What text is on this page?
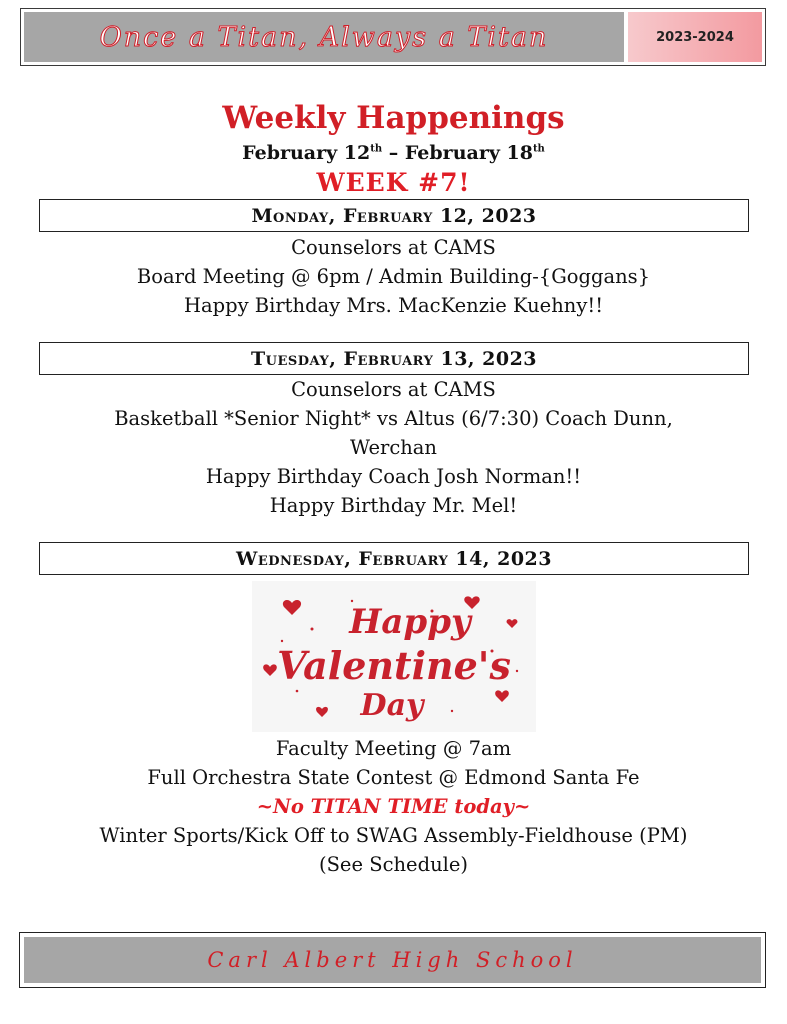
Once a Titan, Always a Titan	2023-2024
Weekly Happenings
February 12th – February 18th
WEEK #7!
Monday, February 12, 2023
Counselors at CAMS
Board Meeting @ 6pm / Admin Building-{Goggans}
Happy Birthday Mrs. MacKenzie Kuehny!!
Tuesday, February 13, 2023
Counselors at CAMS
Basketball *Senior Night* vs Altus (6/7:30) Coach Dunn,
Werchan
Happy Birthday Coach Josh Norman!!
Happy Birthday Mr. Mel!
Wednesday, February 14, 2023
Happy
Valentine's
Day
Faculty Meeting @ 7am
Full Orchestra State Contest @ Edmond Santa Fe
~No TITAN TIME today~
Winter Sports/Kick Off to SWAG Assembly-Fieldhouse (PM)
(See Schedule)
Carl Albert High School
